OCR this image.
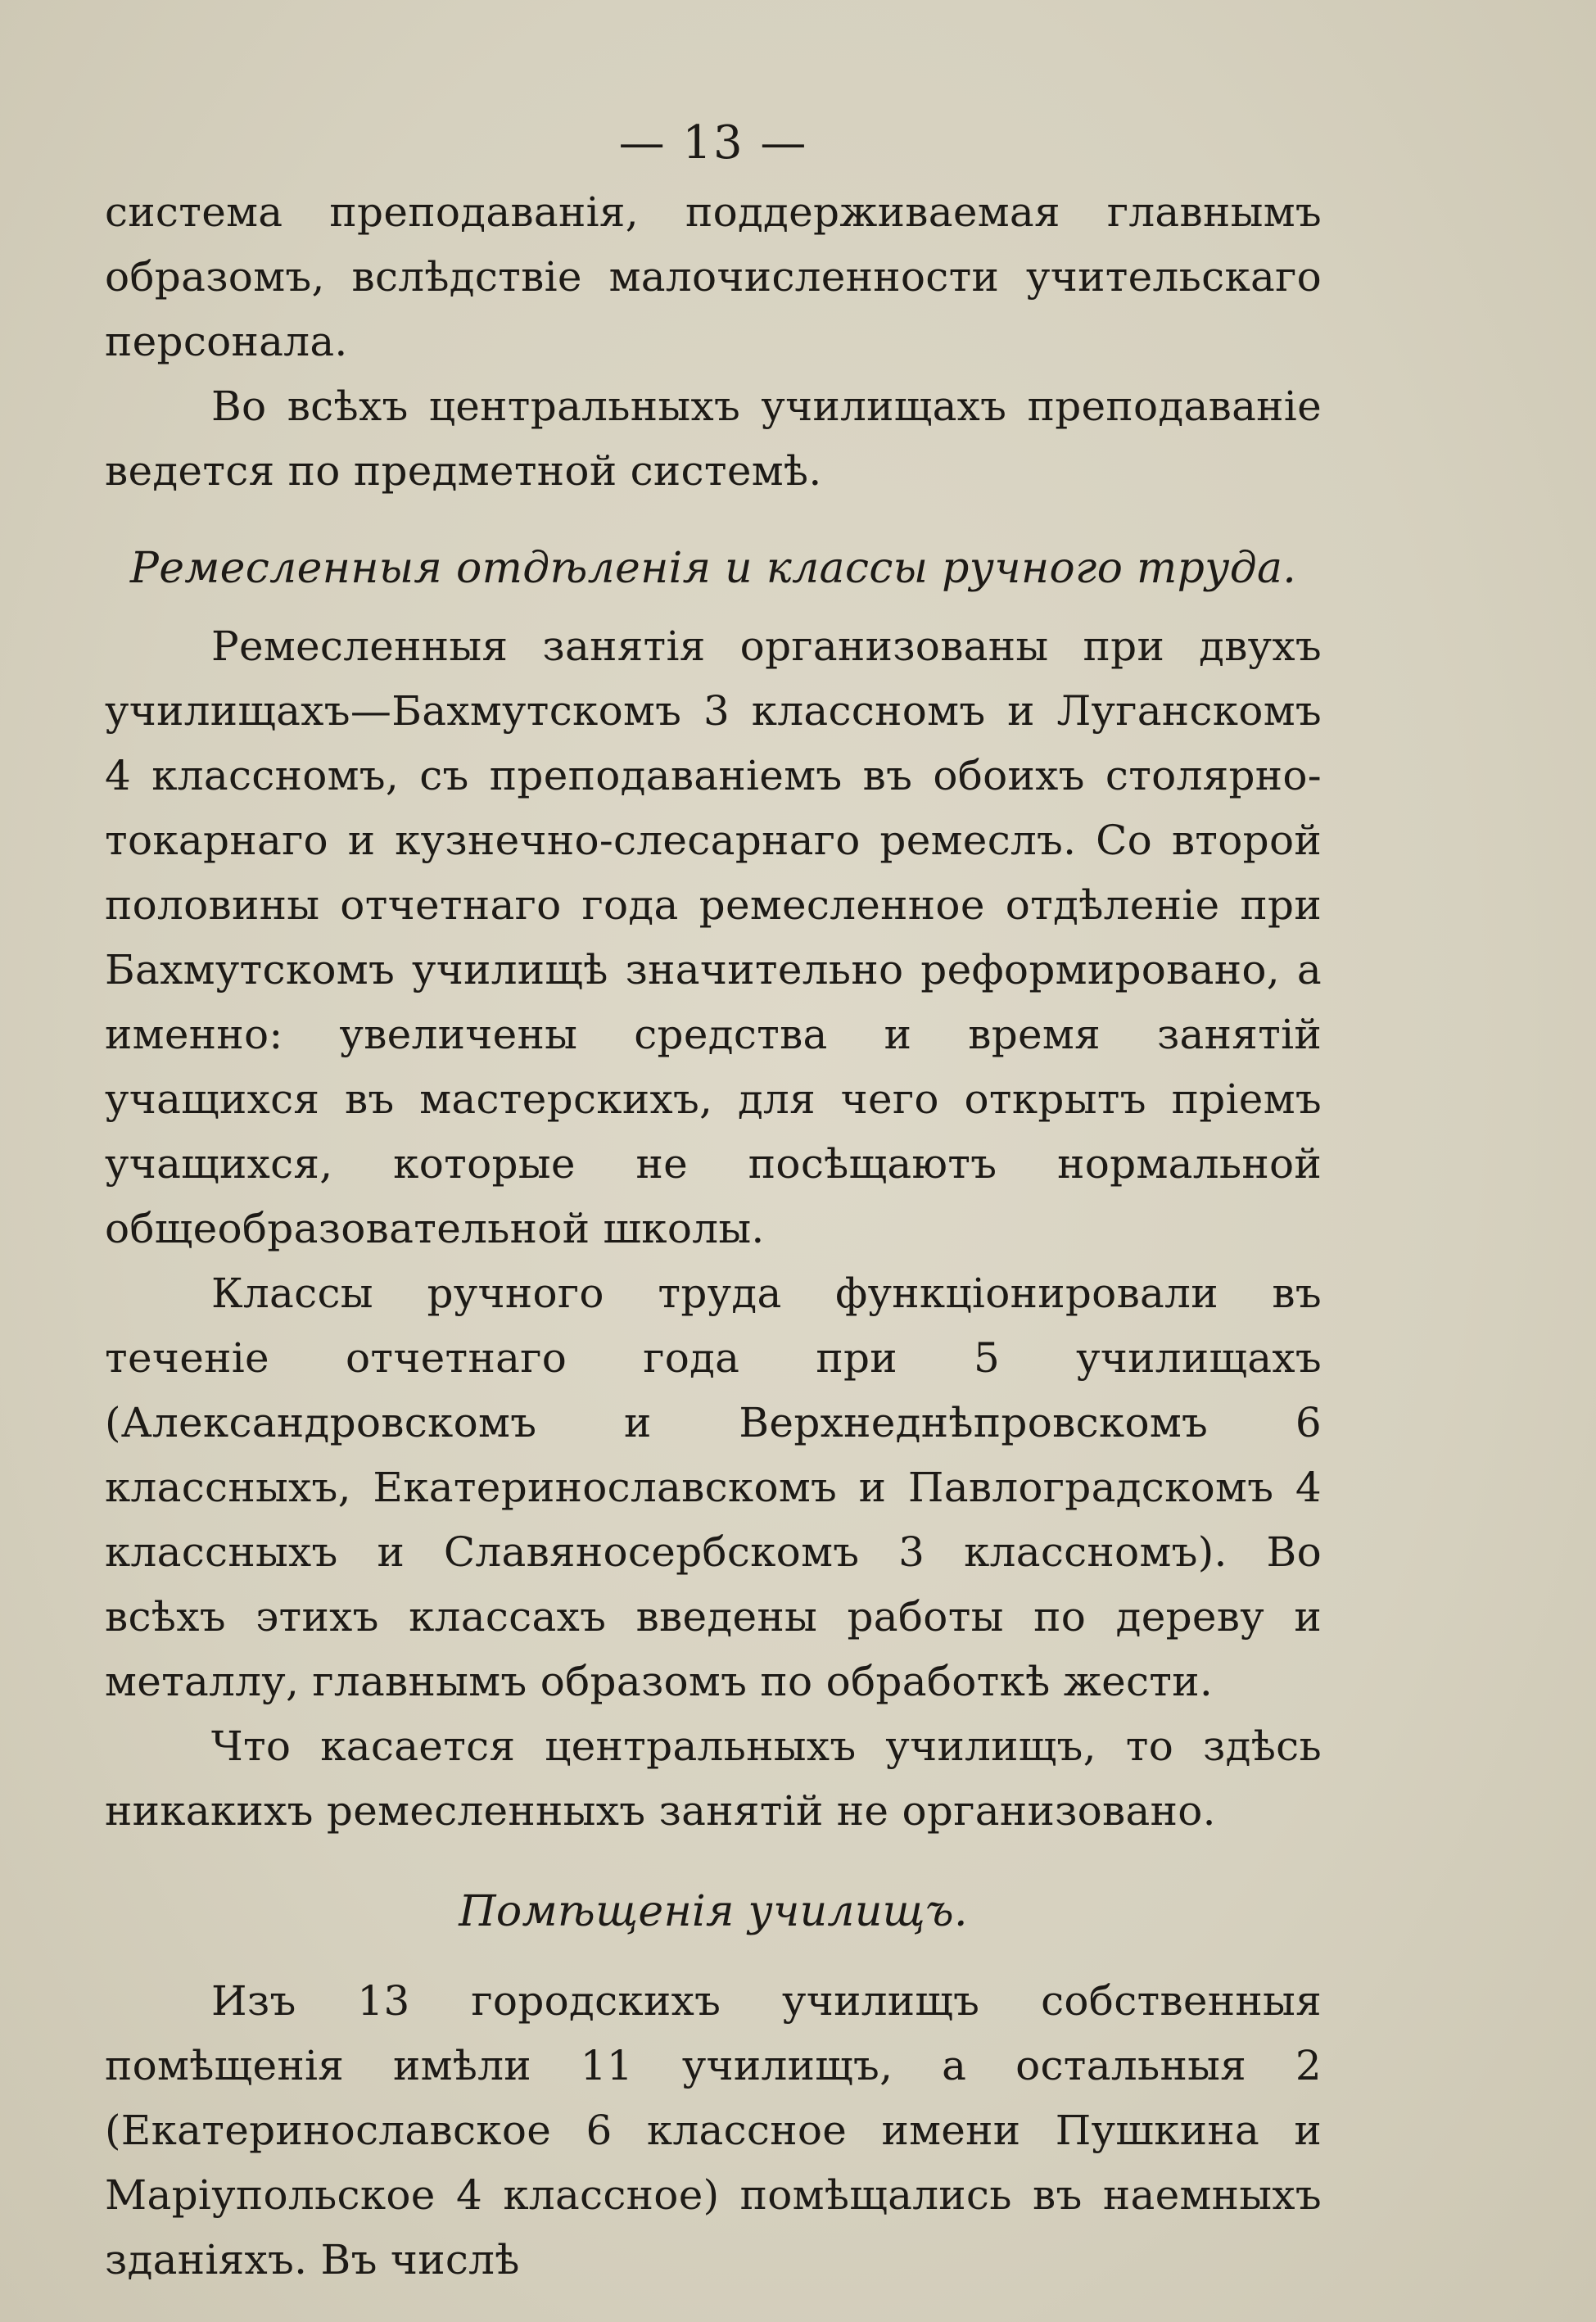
— 13 —

система преподаванія, поддерживаемая главнымъ образомъ, вслѣдствіе малочисленности учительскаго персонала.

Во всѣхъ центральныхъ училищахъ преподаваніе ведется по предметной системѣ.

Ремесленныя отдѣленія и классы ручного труда.

Ремесленныя занятія организованы при двухъ училищахъ—Бахмутскомъ 3 классномъ и Луганскомъ 4 классномъ, съ преподаваніемъ въ обоихъ столярно-токарнаго и кузнечно-слесарнаго ремеслъ. Со второй половины отчетнаго года ремесленное отдѣленіе при Бахмутскомъ училищѣ значительно реформировано, а именно: увеличены средства и время занятій учащихся въ мастерскихъ, для чего открытъ пріемъ учащихся, которые не посѣщаютъ нормальной общеобразовательной школы.

Классы ручного труда функціонировали въ теченіе отчетнаго года при 5 училищахъ (Александровскомъ и Верхнеднѣпровскомъ 6 классныхъ, Екатеринославскомъ и Павлоградскомъ 4 классныхъ и Славяносербскомъ 3 классномъ). Во всѣхъ этихъ классахъ введены работы по дереву и металлу, главнымъ образомъ по обработкѣ жести.

Что касается центральныхъ училищъ, то здѣсь никакихъ ремесленныхъ занятій не организовано.

Помѣщенія училищъ.

Изъ 13 городскихъ училищъ собственныя помѣщенія имѣли 11 училищъ, а остальныя 2 (Екатеринославское 6 классное имени Пушкина и Маріупольское 4 классное) помѣщались въ наемныхъ зданіяхъ. Въ числѣ
